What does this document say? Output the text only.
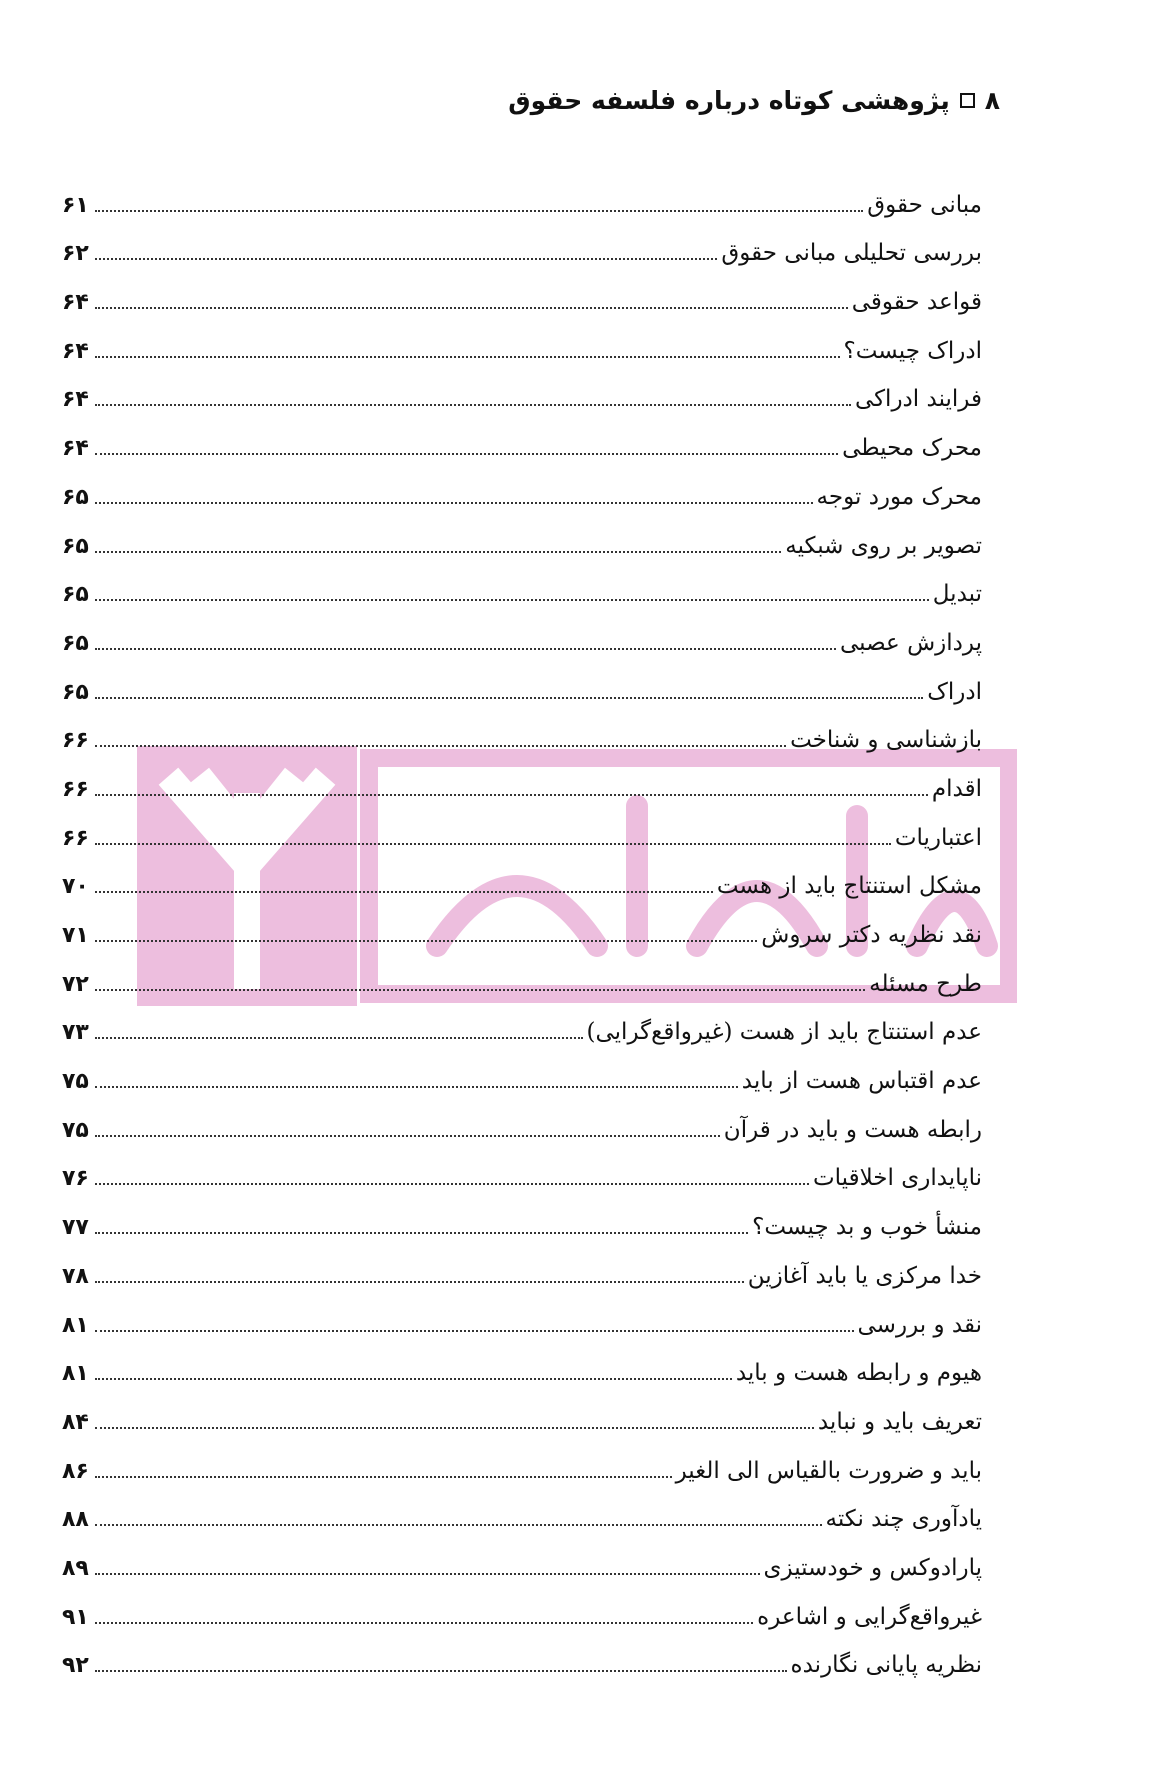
۸
پژوهشی کوتاه درباره فلسفه حقوق
مبانی حقوق
۶۱
بررسی تحلیلی مبانی حقوق
۶۲
قواعد حقوقی
۶۴
ادراک چیست؟
۶۴
فرایند ادراکی
۶۴
محرک محیطی
۶۴
محرک مورد توجه
۶۵
تصویر بر روی شبکیه
۶۵
تبدیل
۶۵
پردازش عصبی
۶۵
ادراک
۶۵
بازشناسی و شناخت
۶۶
اقدام
۶۶
اعتباریات
۶۶
مشکل استنتاج باید از هست
۷۰
نقد نظریه دکتر سروش
۷۱
طرح مسئله
۷۲
عدم استنتاج باید از هست (غیرواقع‌گرایی)
۷۳
عدم اقتباس هست از باید
۷۵
رابطه هست و باید در قرآن
۷۵
ناپایداری اخلاقیات
۷۶
منشأ خوب و بد چیست؟
۷۷
خدا مرکزی یا باید آغازین
۷۸
نقد و بررسی
۸۱
هیوم و رابطه هست و باید
۸۱
تعریف باید و نباید
۸۴
باید و ضرورت بالقیاس الی الغیر
۸۶
یادآوری چند نکته
۸۸
پارادوکس و خودستیزی
۸۹
غیرواقع‌گرایی و اشاعره
۹۱
نظریه پایانی نگارنده
۹۲
